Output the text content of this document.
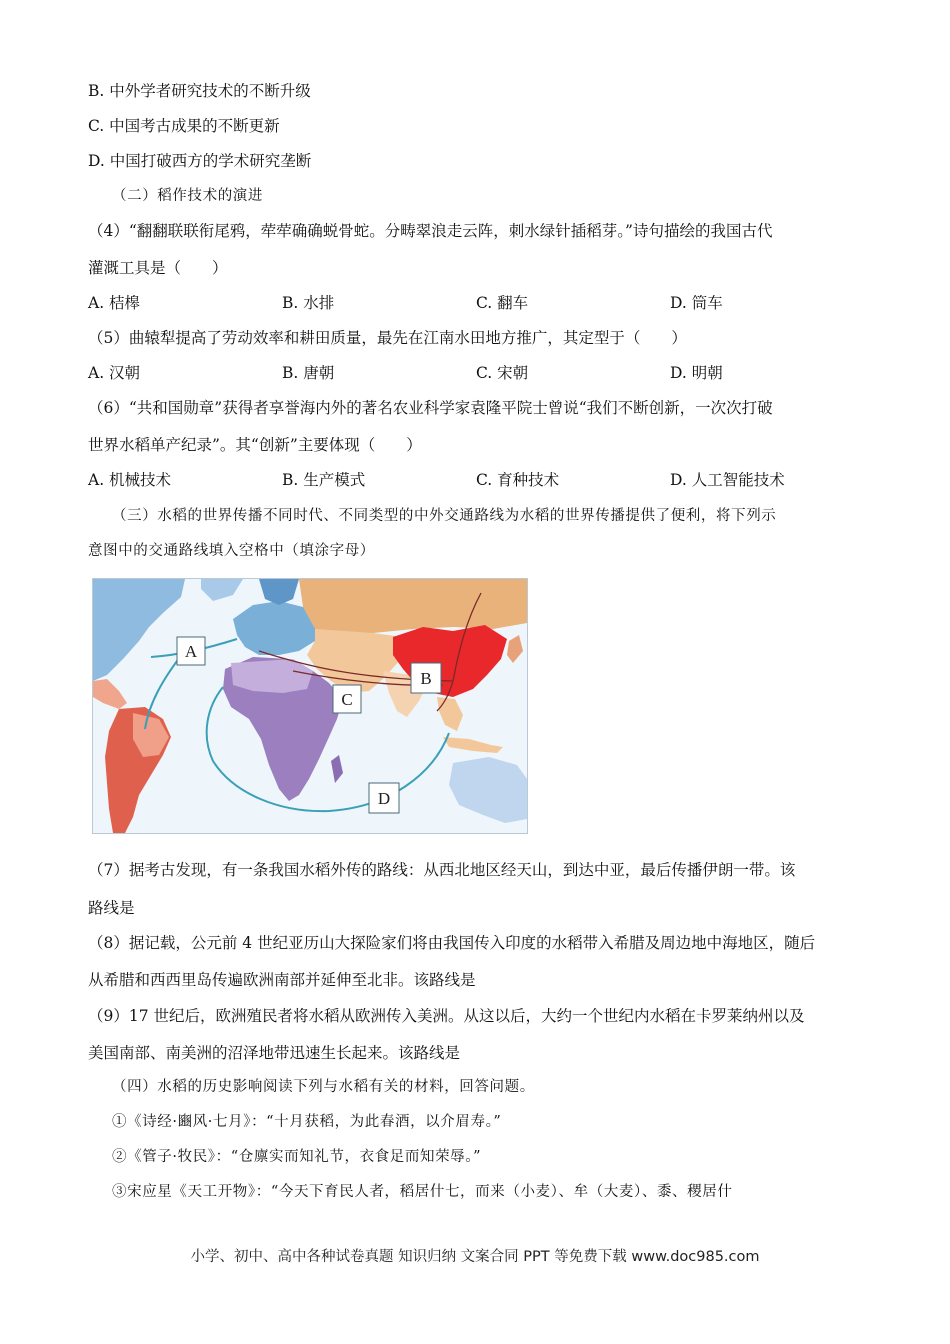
B. 中外学者研究技术的不断升级
C. 中国考古成果的不断更新
D. 中国打破西方的学术研究垄断
（二）稻作技术的演进
（4）“翻翻联联衔尾鸦，荦荦确确蜕骨蛇。分畴翠浪走云阵，刺水绿针插稻芽。”诗句描绘的我国古代
灌溉工具是（　　）
A. 桔槔	B. 水排	C. 翻车	D. 筒车
（5）曲辕犁提高了劳动效率和耕田质量，最先在江南水田地方推广，其定型于（　　）
A. 汉朝	B. 唐朝	C. 宋朝	D. 明朝
（6）“共和国勋章”获得者享誉海内外的著名农业科学家袁隆平院士曾说“我们不断创新，一次次打破
世界水稻单产纪录”。其“创新”主要体现（　　）
A. 机械技术	B. 生产模式	C. 育种技术	D. 人工智能技术
（三）水稻的世界传播不同时代、不同类型的中外交通路线为水稻的世界传播提供了便利，将下列示
意图中的交通路线填入空格中（填涂字母）
A
B
C
D
（7）据考古发现，有一条我国水稻外传的路线：从西北地区经天山，到达中亚，最后传播伊朗一带。该
路线是
（8）据记载，公元前 4 世纪亚历山大探险家们将由我国传入印度的水稻带入希腊及周边地中海地区，随后
从希腊和西西里岛传遍欧洲南部并延伸至北非。该路线是
（9）17 世纪后，欧洲殖民者将水稻从欧洲传入美洲。从这以后，大约一个世纪内水稻在卡罗莱纳州以及
美国南部、南美洲的沼泽地带迅速生长起来。该路线是
（四）水稻的历史影响阅读下列与水稻有关的材料，回答问题。
①《诗经·豳风·七月》：“十月获稻，为此春酒，以介眉寿。”
②《管子·牧民》：“仓廪实而知礼节，衣食足而知荣辱。”
③宋应星《天工开物》：“今天下育民人者，稻居什七，而来（小麦）、牟（大麦）、黍、稷居什
小学、初中、高中各种试卷真题 知识归纳 文案合同 PPT 等免费下载 www.doc985.com
